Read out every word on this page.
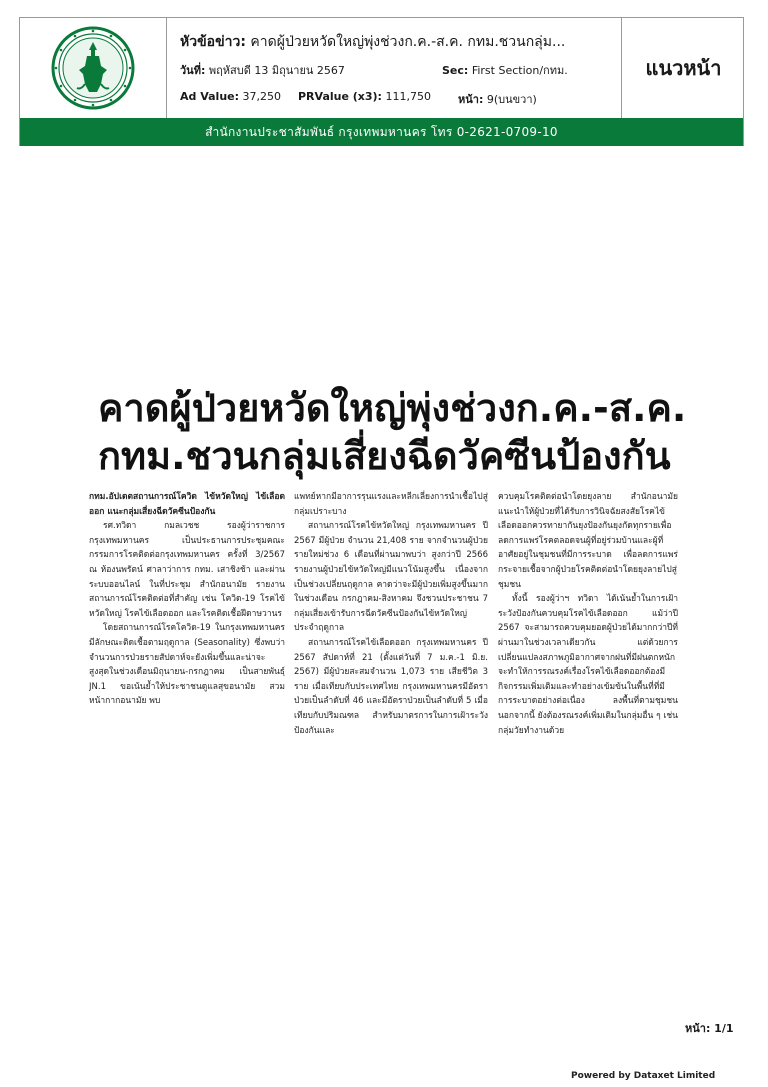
หัวข้อข่าว: คาดผู้ป่วยหวัดใหญ่พุ่งช่วงก.ค.-ส.ค. กทม.ชวนกลุ่ม...
วันที่: พฤหัสบดี 13 มิถุนายน 2567	Sec: First Section/กทม.
Ad Value: 37,250 PRValue (x3): 111,750 หน้า: 9(บนขวา)
แนวหน้า
สำนักงานประชาสัมพันธ์ กรุงเทพมหานคร โทร 0-2621-0709-10
คาดผู้ป่วยหวัดใหญ่พุ่งช่วงก.ค.-ส.ค.
กทม.ชวนกลุ่มเสี่ยงฉีดวัคซีนป้องกัน

กทม.อัปเดตสถานการณ์โควิด ไข้หวัดใหญ่ ไข้เลือดออก แนะกลุ่มเสี่ยงฉีดวัคซีนป้องกัน

รศ.ทวิดา กมลเวชช รองผู้ว่าราชการกรุงเทพมหานคร เป็นประธานการประชุมคณะกรรมการโรคติดต่อกรุงเทพมหานคร ครั้งที่ 3/2567 ณ ห้องนพรัตน์ ศาลาว่าการ กทม. เสาชิงช้า และผ่านระบบออนไลน์ ในที่ประชุม สำนักอนามัย รายงานสถานการณ์โรคติดต่อที่สำคัญ เช่น โควิด-19 โรคไข้หวัดใหญ่ โรคไข้เลือดออก และโรคติดเชื้อฝีดาษวานร

โดยสถานการณ์โรคโควิด-19 ในกรุงเทพมหานคร มีลักษณะติดเชื้อตามฤดูกาล (Seasonality) ซึ่งพบว่าจำนวนการป่วยรายสัปดาห์จะยังเพิ่มขึ้นและน่าจะสูงสุดในช่วงเดือนมิถุนายน-กรกฎาคม เป็นสายพันธุ์ JN.1 ขอเน้นย้ำให้ประชาชนดูแลสุขอนามัย สวมหน้ากากอนามัย พบ

แพทย์หากมีอาการรุนแรงและหลีกเลี่ยงการนำเชื้อไปสู่กลุ่มเปราะบาง

สถานการณ์โรคไข้หวัดใหญ่ กรุงเทพมหานคร ปี 2567 มีผู้ป่วย จำนวน 21,408 ราย จากจำนวนผู้ป่วยรายใหม่ช่วง 6 เดือนที่ผ่านมาพบว่า สูงกว่าปี 2566 รายงานผู้ป่วยไข้หวัดใหญ่มีแนวโน้มสูงขึ้น เนื่องจากเป็นช่วงเปลี่ยนฤดูกาล คาดว่าจะมีผู้ป่วยเพิ่มสูงขึ้นมากในช่วงเดือน กรกฎาคม-สิงหาคม จึงชวนประชาชน 7 กลุ่มเสี่ยงเข้ารับการฉีดวัคซีนป้องกันไข้หวัดใหญ่ประจำฤดูกาล

สถานการณ์โรคไข้เลือดออก กรุงเทพมหานคร ปี 2567 สัปดาห์ที่ 21 (ตั้งแต่วันที่ 7 ม.ค.-1 มิ.ย. 2567) มีผู้ป่วยสะสมจำนวน 1,073 ราย เสียชีวิต 3 ราย เมื่อเทียบกับประเทศไทย กรุงเทพมหานครมีอัตราป่วยเป็นลำดับที่ 46 และมีอัตราป่วยเป็นลำดับที่ 5 เมื่อเทียบกับปริมณฑล สำหรับมาตรการในการเฝ้าระวัง ป้องกันและ

ควบคุมโรคติดต่อนำโดยยุงลาย สำนักอนามัยแนะนำให้ผู้ป่วยที่ได้รับการวินิจฉัยสงสัยโรคไข้เลือดออกควรทายากันยุงป้องกันยุงกัดทุกรายเพื่อลดการแพร่โรคตลอดจนผู้ที่อยู่ร่วมบ้านและผู้ที่อาศัยอยู่ในชุมชนที่มีการระบาด เพื่อลดการแพร่กระจายเชื้อจากผู้ป่วยโรคติดต่อนำโดยยุงลายไปสู่ชุมชน

ทั้งนี้ รองผู้ว่าฯ ทวิดา ได้เน้นย้ำในการเฝ้าระวังป้องกันควบคุมโรคไข้เลือดออก แม้ว่าปี 2567 จะสามารถควบคุมยอดผู้ป่วยได้มากกว่าปีที่ผ่านมาในช่วงเวลาเดียวกัน แต่ด้วยการเปลี่ยนแปลงสภาพภูมิอากาศจากฝนที่มีฝนตกหนัก จะทำให้การรณรงค์เรื่องโรคไข้เลือดออกต้องมีกิจกรรมเพิ่มเติมและทำอย่างเข้มข้นในพื้นที่ที่มีการระบาดอย่างต่อเนื่อง ลงพื้นที่ตามชุมชน นอกจากนี้ ยังต้องรณรงค์เพิ่มเติมในกลุ่มอื่น ๆ เช่น กลุ่มวัยทำงานด้วย

หน้า: 1/1
Powered by Dataxet Limited
